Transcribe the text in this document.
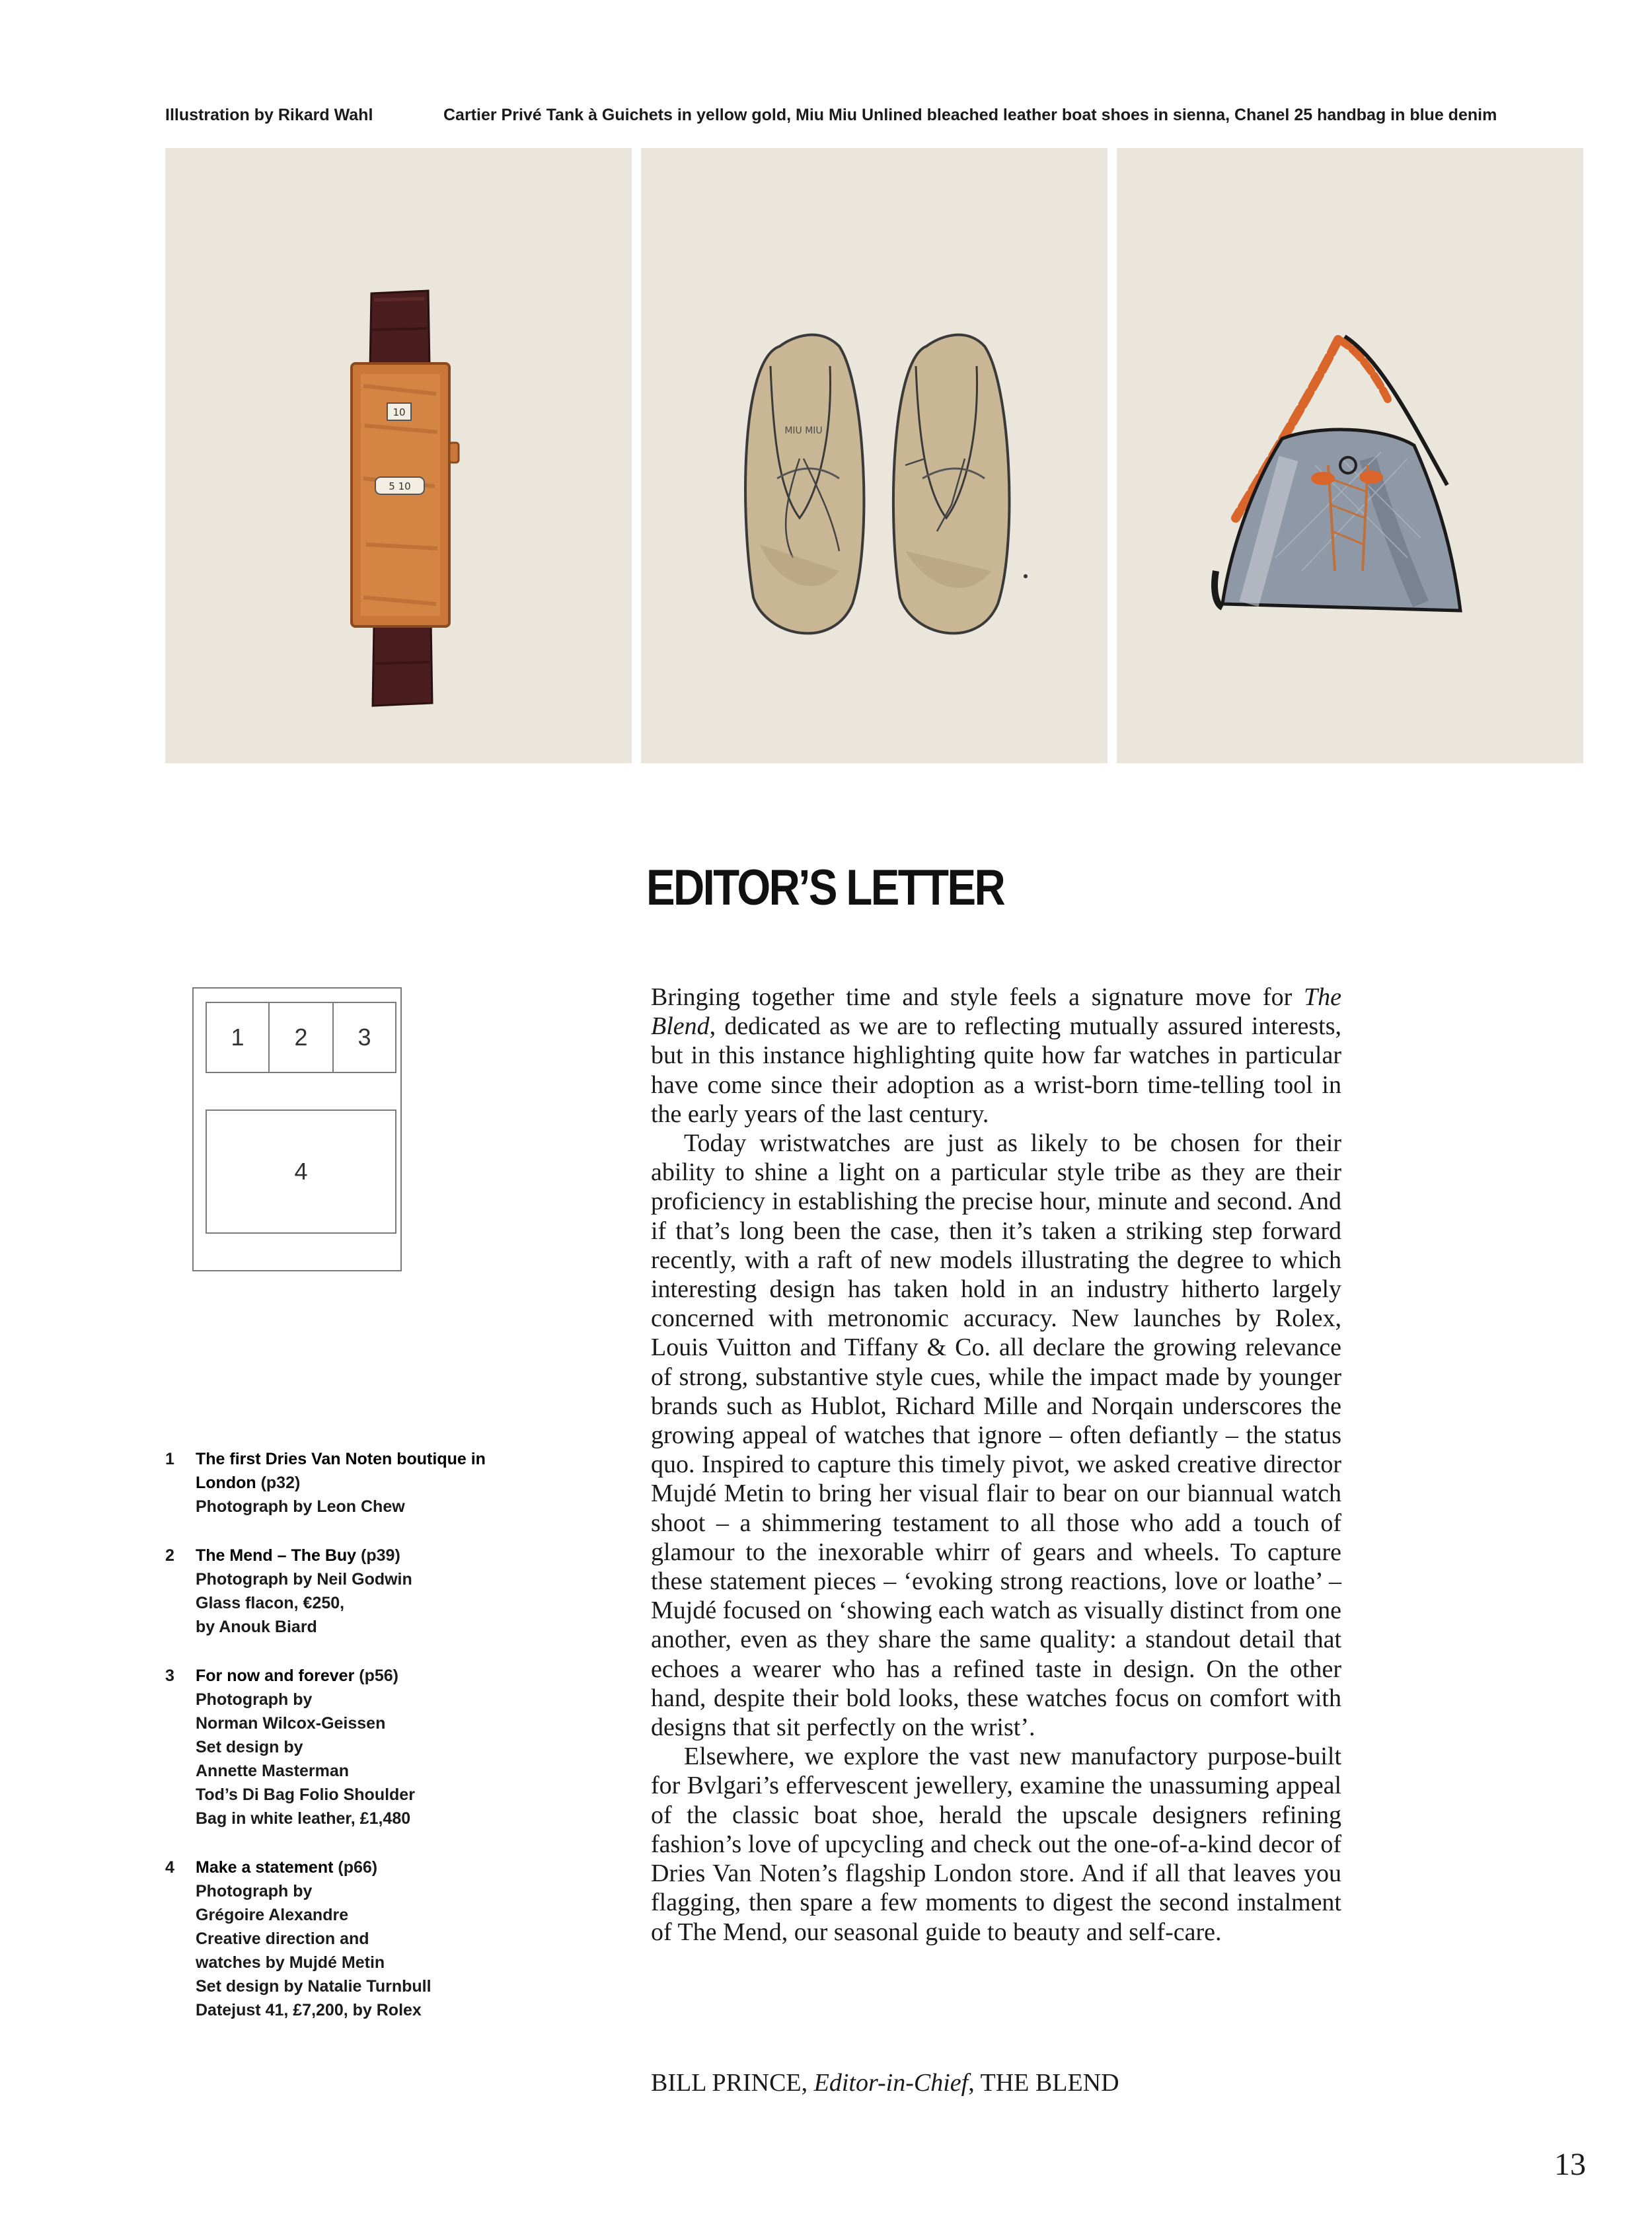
Illustration by Rikard Wahl	Cartier Privé Tank à Guichets in yellow gold, Miu Miu Unlined bleached leather boat shoes in sienna, Chanel 25 handbag in blue denim
10
5 10
MIU MIU
EDITOR’S LETTER
1	2	3
4
1 The first Dries Van Noten boutique in London (p32)
Photograph by Leon Chew
2 The Mend – The Buy (p39)
Photograph by Neil Godwin
Glass flacon, €250,
by Anouk Biard
3 For now and forever (p56)
Photograph by
Norman Wilcox-Geissen
Set design by
Annette Masterman
Tod’s Di Bag Folio Shoulder
Bag in white leather, £1,480
4 Make a statement (p66)
Photograph by
Grégoire Alexandre
Creative direction and
watches by Mujdé Metin
Set design by Natalie Turnbull
Datejust 41, £7,200, by Rolex

Bringing together time and style feels a signature move for The Blend, dedicated as we are to reflecting mutually assured interests, but in this instance highlighting quite how far watches in particular have come since their adoption as a wrist-born time-telling tool in the early years of the last century.

Today wristwatches are just as likely to be chosen for their ability to shine a light on a particular style tribe as they are their proficiency in establishing the precise hour, minute and second. And if that’s long been the case, then it’s taken a striking step forward recently, with a raft of new models illustrating the degree to which interesting design has taken hold in an industry hitherto largely concerned with metronomic accuracy. New launches by Rolex, Louis Vuitton and Tiffany & Co. all declare the growing relevance of strong, substantive style cues, while the impact made by younger brands such as Hublot, Richard Mille and Norqain underscores the growing appeal of watches that ignore – often defiantly – the status quo. Inspired to capture this timely pivot, we asked creative director Mujdé Metin to bring her visual flair to bear on our biannual watch shoot – a shimmering testament to all those who add a touch of glamour to the inexorable whirr of gears and wheels. To capture these statement pieces – ‘evoking strong reactions, love or loathe’ – Mujdé focused on ‘showing each watch as visually distinct from one another, even as they share the same quality: a standout detail that echoes a wearer who has a refined taste in design. On the other hand, despite their bold looks, these watches focus on comfort with designs that sit perfectly on the wrist’.

Elsewhere, we explore the vast new manufactory purpose-built for Bvlgari’s effervescent jewellery, examine the unassuming appeal of the classic boat shoe, herald the upscale designers refining fashion’s love of upcycling and check out the one-of-a-kind decor of Dries Van Noten’s flagship London store. And if all that leaves you flagging, then spare a few moments to digest the second instalment of The Mend, our seasonal guide to beauty and self-care.

BILL PRINCE, Editor-in-Chief, THE BLEND
13
